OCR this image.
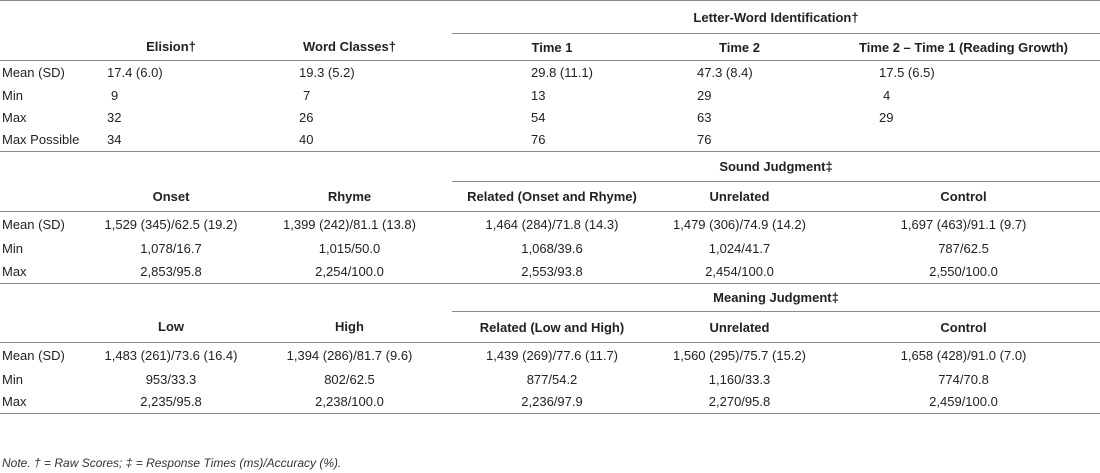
			Letter-Word Identification†		
	Elision†	Word Classes†	Time 1	Time 2	Time 2 – Time 1 (Reading Growth)
Mean (SD)	17.4 (6.0)	19.3 (5.2)	29.8 (11.1)	47.3 (8.4)	17.5 (6.5)
Min	9	7	13	29	4
Max	32	26	54	63	29
Max Possible	34	40	76	76	
			Sound Judgment‡		
	Onset	Rhyme	Related (Onset and Rhyme)	Unrelated	Control
Mean (SD)	1,529 (345)/62.5 (19.2)	1,399 (242)/81.1 (13.8)	1,464 (284)/71.8 (14.3)	1,479 (306)/74.9 (14.2)	1,697 (463)/91.1 (9.7)
Min	1,078/16.7	1,015/50.0	1,068/39.6	1,024/41.7	787/62.5
Max	2,853/95.8	2,254/100.0	2,553/93.8	2,454/100.0	2,550/100.0
			Meaning Judgment‡		
	Low	High	Related (Low and High)	Unrelated	Control
Mean (SD)	1,483 (261)/73.6 (16.4)	1,394 (286)/81.7 (9.6)	1,439 (269)/77.6 (11.7)	1,560 (295)/75.7 (15.2)	1,658 (428)/91.0 (7.0)
Min	953/33.3	802/62.5	877/54.2	1,160/33.3	774/70.8
Max	2,235/95.8	2,238/100.0	2,236/97.9	2,270/95.8	2,459/100.0
Note. † = Raw Scores; ‡ = Response Times (ms)/Accuracy (%).
